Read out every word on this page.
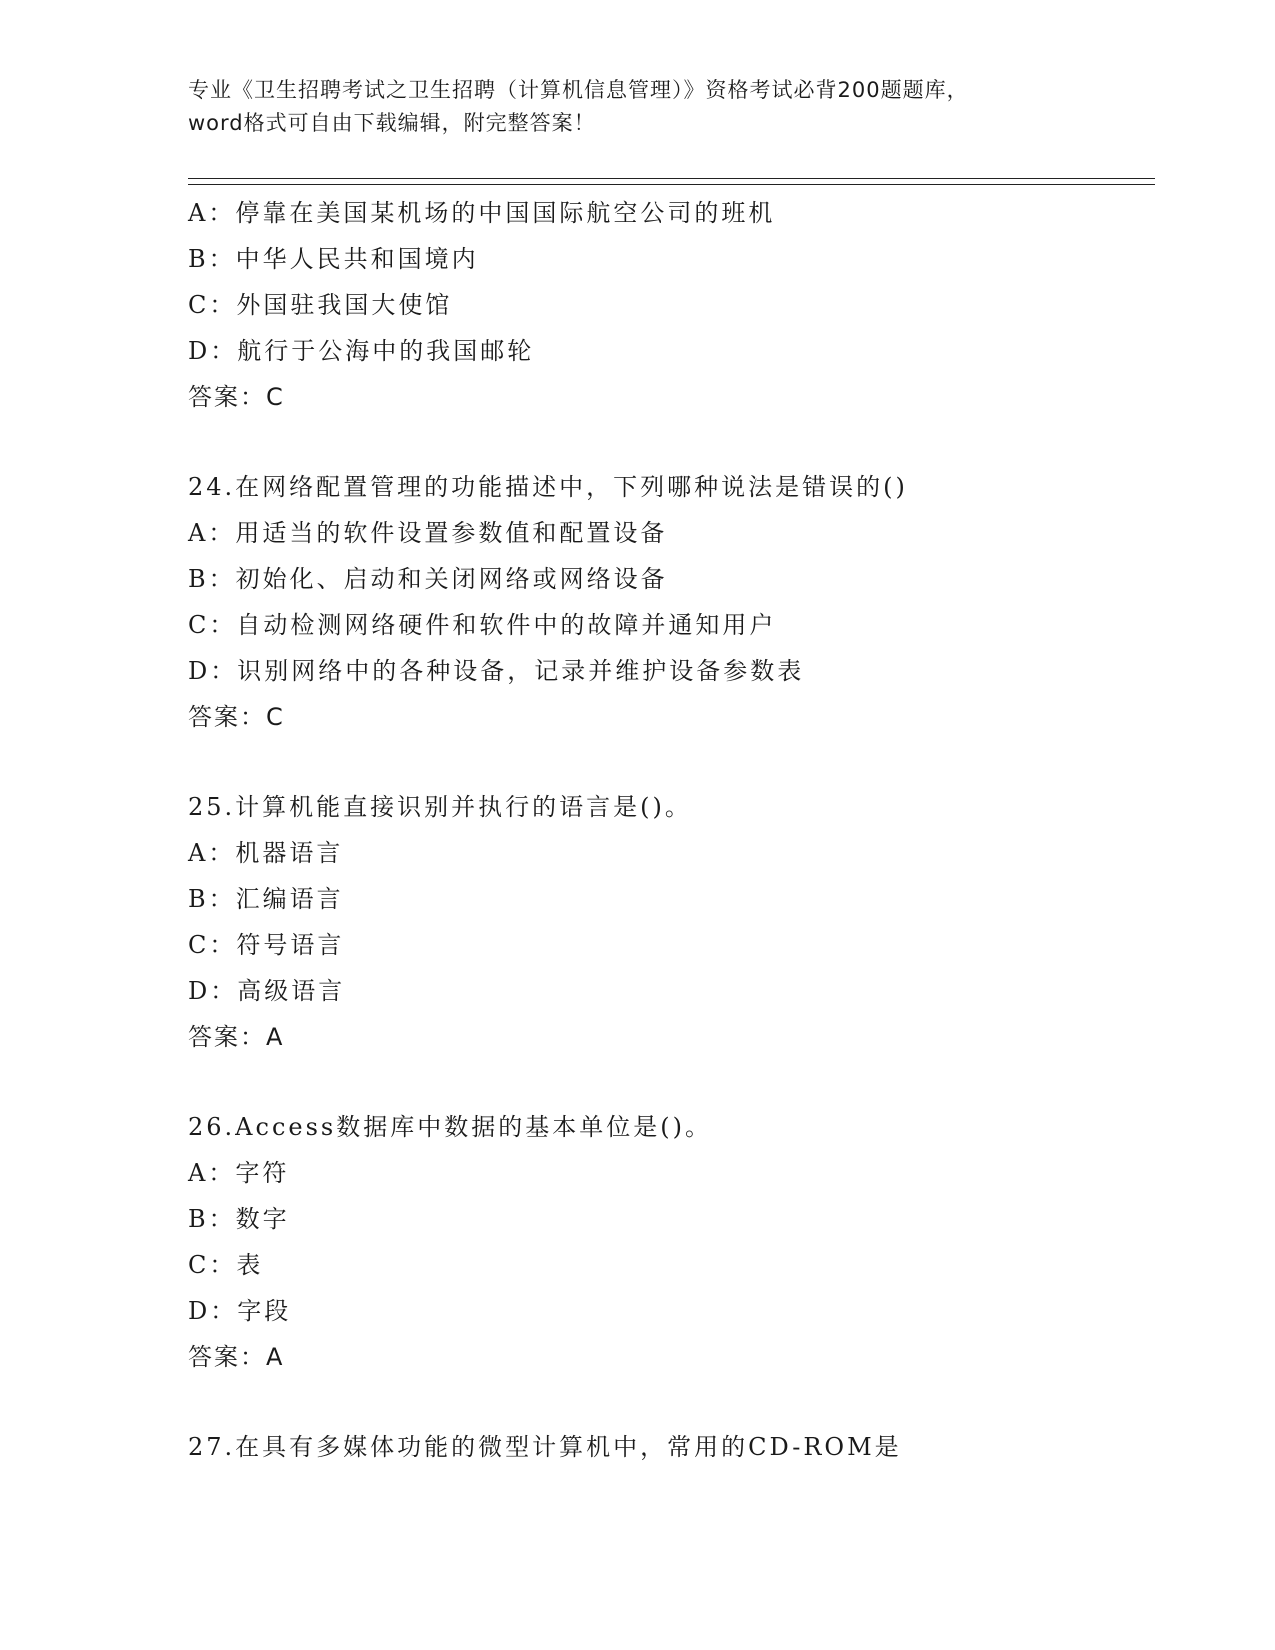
专业《卫生招聘考试之卫生招聘（计算机信息管理）》资格考试必背200题题库，
word格式可自由下载编辑，附完整答案！
A：停靠在美国某机场的中国国际航空公司的班机
B：中华人民共和国境内
C：外国驻我国大使馆
D：航行于公海中的我国邮轮
答案：C
24.在网络配置管理的功能描述中，下列哪种说法是错误的()
A：用适当的软件设置参数值和配置设备
B：初始化、启动和关闭网络或网络设备
C：自动检测网络硬件和软件中的故障并通知用户
D：识别网络中的各种设备，记录并维护设备参数表
答案：C
25.计算机能直接识别并执行的语言是()。
A：机器语言
B：汇编语言
C：符号语言
D：高级语言
答案：A
26.Access数据库中数据的基本单位是()。
A：字符
B：数字
C：表
D：字段
答案：A
27.在具有多媒体功能的微型计算机中，常用的CD-ROM是
